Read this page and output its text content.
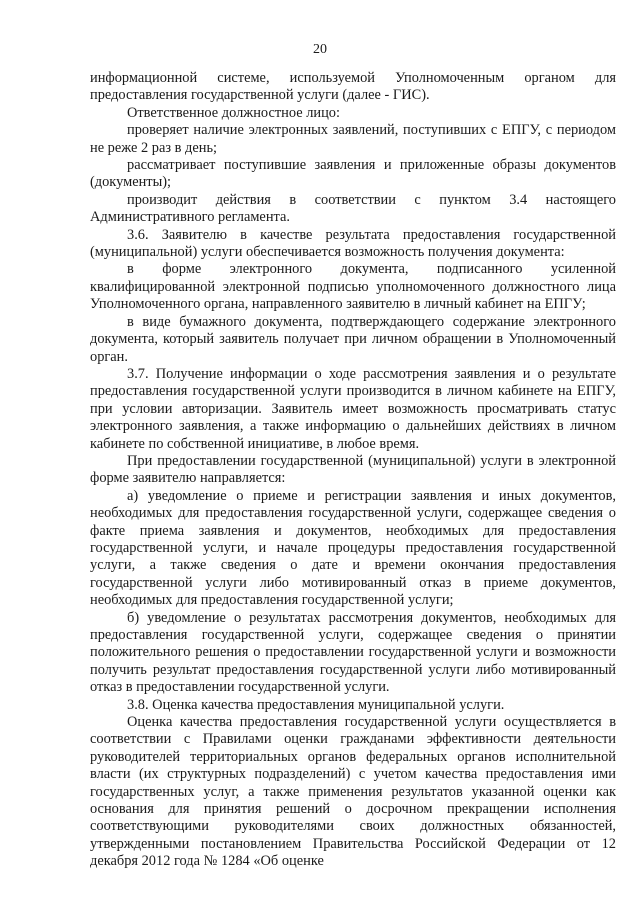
20

информационной системе, используемой Уполномоченным органом для предоставления государственной услуги (далее - ГИС).

Ответственное должностное лицо:

проверяет наличие электронных заявлений, поступивших с ЕПГУ, с периодом не реже 2 раз в день;

рассматривает поступившие заявления и приложенные образы документов (документы);

производит действия в соответствии с пунктом 3.4 настоящего Административного регламента.

3.6. Заявителю в качестве результата предоставления государственной (муниципальной) услуги обеспечивается возможность получения документа:

в форме электронного документа, подписанного усиленной квалифицированной электронной подписью уполномоченного должностного лица Уполномоченного органа, направленного заявителю в личный кабинет на ЕПГУ;

в виде бумажного документа, подтверждающего содержание электронного документа, который заявитель получает при личном обращении в Уполномоченный орган.

3.7. Получение информации о ходе рассмотрения заявления и о результате предоставления государственной услуги производится в личном кабинете на ЕПГУ, при условии авторизации. Заявитель имеет возможность просматривать статус электронного заявления, а также информацию о дальнейших действиях в личном кабинете по собственной инициативе, в любое время.

При предоставлении государственной (муниципальной) услуги в электронной форме заявителю направляется:

а) уведомление о приеме и регистрации заявления и иных документов, необходимых для предоставления государственной услуги, содержащее сведения о факте приема заявления и документов, необходимых для предоставления государственной услуги, и начале процедуры предоставления государственной услуги, а также сведения о дате и времени окончания предоставления государственной услуги либо мотивированный отказ в приеме документов, необходимых для предоставления государственной услуги;

б) уведомление о результатах рассмотрения документов, необходимых для предоставления государственной услуги, содержащее сведения о принятии положительного решения о предоставлении государственной услуги и возможности получить результат предоставления государственной услуги либо мотивированный отказ в предоставлении государственной услуги.

3.8. Оценка качества предоставления муниципальной услуги.

Оценка качества предоставления государственной услуги осуществляется в соответствии с Правилами оценки гражданами эффективности деятельности руководителей территориальных органов федеральных органов исполнительной власти (их структурных подразделений) с учетом качества предоставления ими государственных услуг, а также применения результатов указанной оценки как основания для принятия решений о досрочном прекращении исполнения соответствующими руководителями своих должностных обязанностей, утвержденными постановлением Правительства Российской Федерации от 12 декабря 2012 года № 1284 «Об оценке
